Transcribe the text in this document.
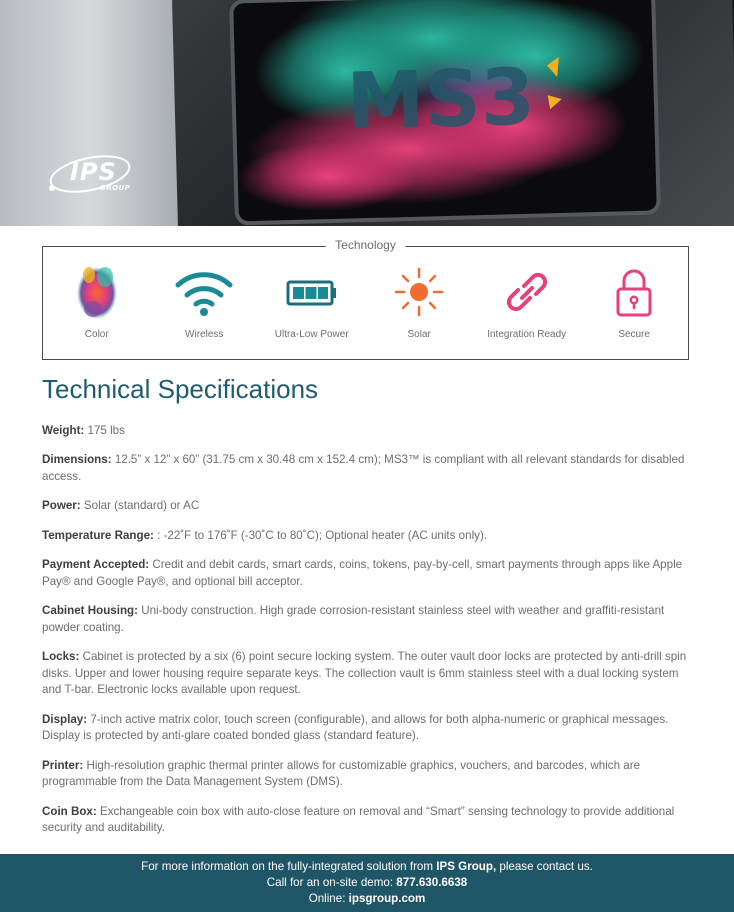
MS3
IPS
GROUP
Technology
Color	Wireless	Ultra-Low Power	Solar	Integration Ready	Secure
Technical Specifications

Weight: 175 lbs

Dimensions: 12.5” x 12” x 60” (31.75 cm x 30.48 cm x 152.4 cm); MS3™ is compliant with all relevant standards for disabled access.

Power: Solar (standard) or AC

Temperature Range: : -22˚F to 176˚F (-30˚C to 80˚C); Optional heater (AC units only).

Payment Accepted: Credit and debit cards, smart cards, coins, tokens, pay-by-cell, smart payments through apps like Apple Pay® and Google Pay®, and optional bill acceptor.

Cabinet Housing: Uni-body construction. High grade corrosion-resistant stainless steel with weather and graffiti-resistant powder coating.

Locks: Cabinet is protected by a six (6) point secure locking system. The outer vault door locks are protected by anti-drill spin disks. Upper and lower housing require separate keys. The collection vault is 6mm stainless steel with a dual locking system and T-bar. Electronic locks available upon request.

Display: 7-inch active matrix color, touch screen (configurable), and allows for both alpha-numeric or graphical messages. Display is protected by anti-glare coated bonded glass (standard feature).

Printer: High-resolution graphic thermal printer allows for customizable graphics, vouchers, and barcodes, which are programmable from the Data Management System (DMS).

Coin Box: Exchangeable coin box with auto-close feature on removal and “Smart” sensing technology to provide additional security and auditability.

For more information on the fully-integrated solution from IPS Group, please contact us.
Call for an on-site demo: 877.630.6638
Online: ipsgroup.com
